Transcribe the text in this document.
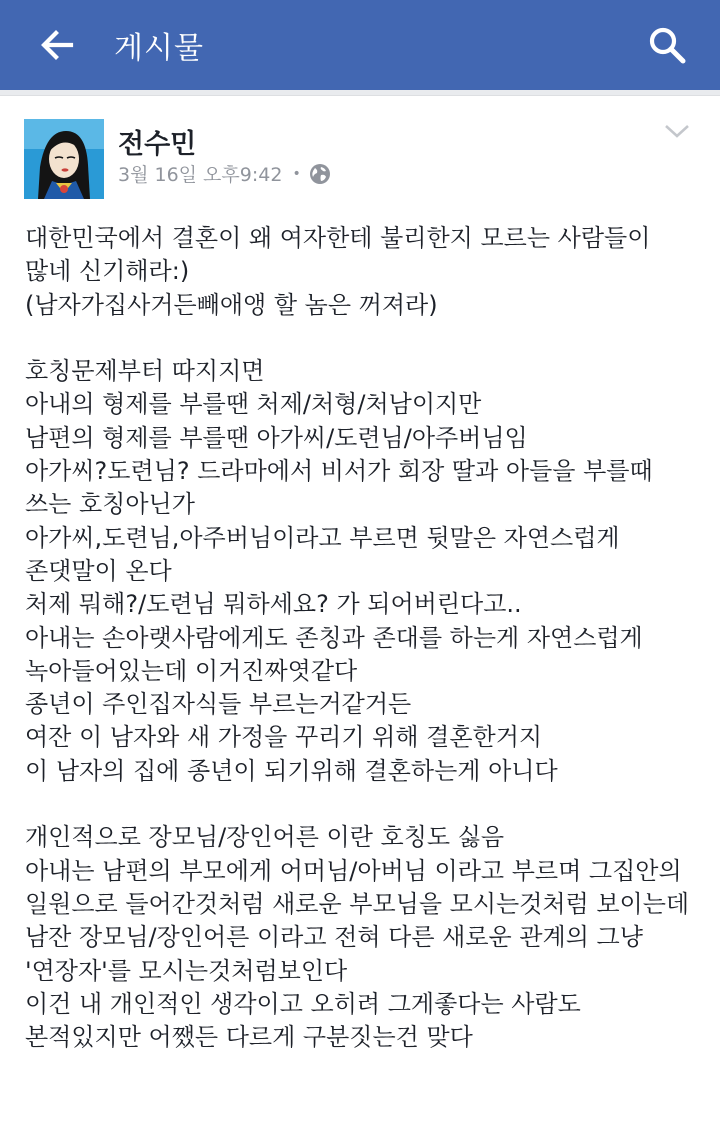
게시물
전수민
3월 16일 오후9:42 •
대한민국에서 결혼이 왜 여자한테 불리한지 모르는 사람들이
많네 신기해라:)
(남자가집사거든빼애앵 할 놈은 꺼져라)
호칭문제부터 따지지면
아내의 형제를 부를땐 처제/처형/처남이지만
남편의 형제를 부를땐 아가씨/도련님/아주버님임
아가씨?도련님? 드라마에서 비서가 회장 딸과 아들을 부를때
쓰는 호칭아닌가
아가씨,도련님,아주버님이라고 부르면 뒷말은 자연스럽게
존댓말이 온다
처제 뭐해?/도련님 뭐하세요? 가 되어버린다고..
아내는 손아랫사람에게도 존칭과 존대를 하는게 자연스럽게
녹아들어있는데 이거진짜엿같다
종년이 주인집자식들 부르는거같거든
여잔 이 남자와 새 가정을 꾸리기 위해 결혼한거지
이 남자의 집에 종년이 되기위해 결혼하는게 아니다
개인적으로 장모님/장인어른 이란 호칭도 싫음
아내는 남편의 부모에게 어머님/아버님 이라고 부르며 그집안의
일원으로 들어간것처럼 새로운 부모님을 모시는것처럼 보이는데
남잔 장모님/장인어른 이라고 전혀 다른 새로운 관계의 그냥
'연장자'를 모시는것처럼보인다
이건 내 개인적인 생각이고 오히려 그게좋다는 사람도
본적있지만 어쨌든 다르게 구분짓는건 맞다
